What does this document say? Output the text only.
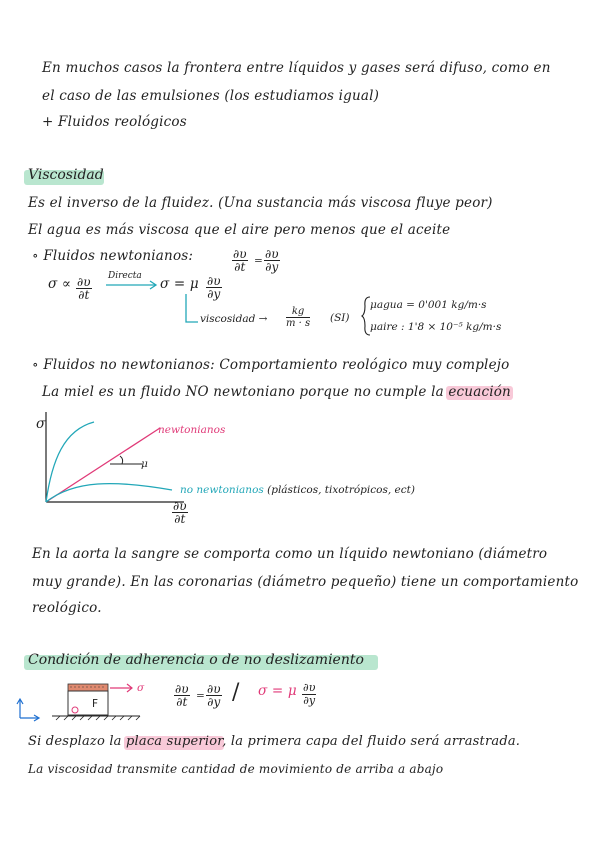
En muchos casos la frontera entre líquidos y gases será difuso, como en
el caso de las emulsiones (los estudiamos igual)
+ Fluidos reológicos
Viscosidad
Es el inverso de la fluidez. (Una sustancia más viscosa fluye peor)
El agua es más viscosa que el aire pero menos que el aceite
∘ Fluidos newtonianos:	$\frac{\partial\upsilon}{\partial t} = \frac{\partial\upsilon}{\partial y}$
$\sigma \propto \frac{\partial\upsilon}{\partial t}$ Directa σ = μ $\frac{\partial\upsilon}{\partial y}$
viscosidad → $\frac{kg}{m \cdot s} (SI)$
μagua = 0'001 kg/m·s
μaire : 1'8 × 10⁻⁵ kg/m·s
∘ Fluidos no newtonianos: Comportamiento reológico muy complejo
La miel es un fluido NO newtoniano porque no cumple la ecuación
σ	newtonianos
μ
no newtonianos (plásticos, tixotrópicos, ect)
$\frac{\partial\upsilon}{\partial t}$
En la aorta la sangre se comporta como un líquido newtoniano (diámetro
muy grande). En las coronarias (diámetro pequeño) tiene un comportamiento
reológico.
Condición de adherencia o de no deslizamiento
F
σ $\frac{\partial\upsilon}{\partial t} = \frac{\partial\upsilon}{\partial y} / \sigma = \mu \frac{\partial\upsilon}{\partial y}$
Si desplazo la placa superior, la primera capa del fluido será arrastrada.
La viscosidad transmite cantidad de movimiento de arriba a abajo
